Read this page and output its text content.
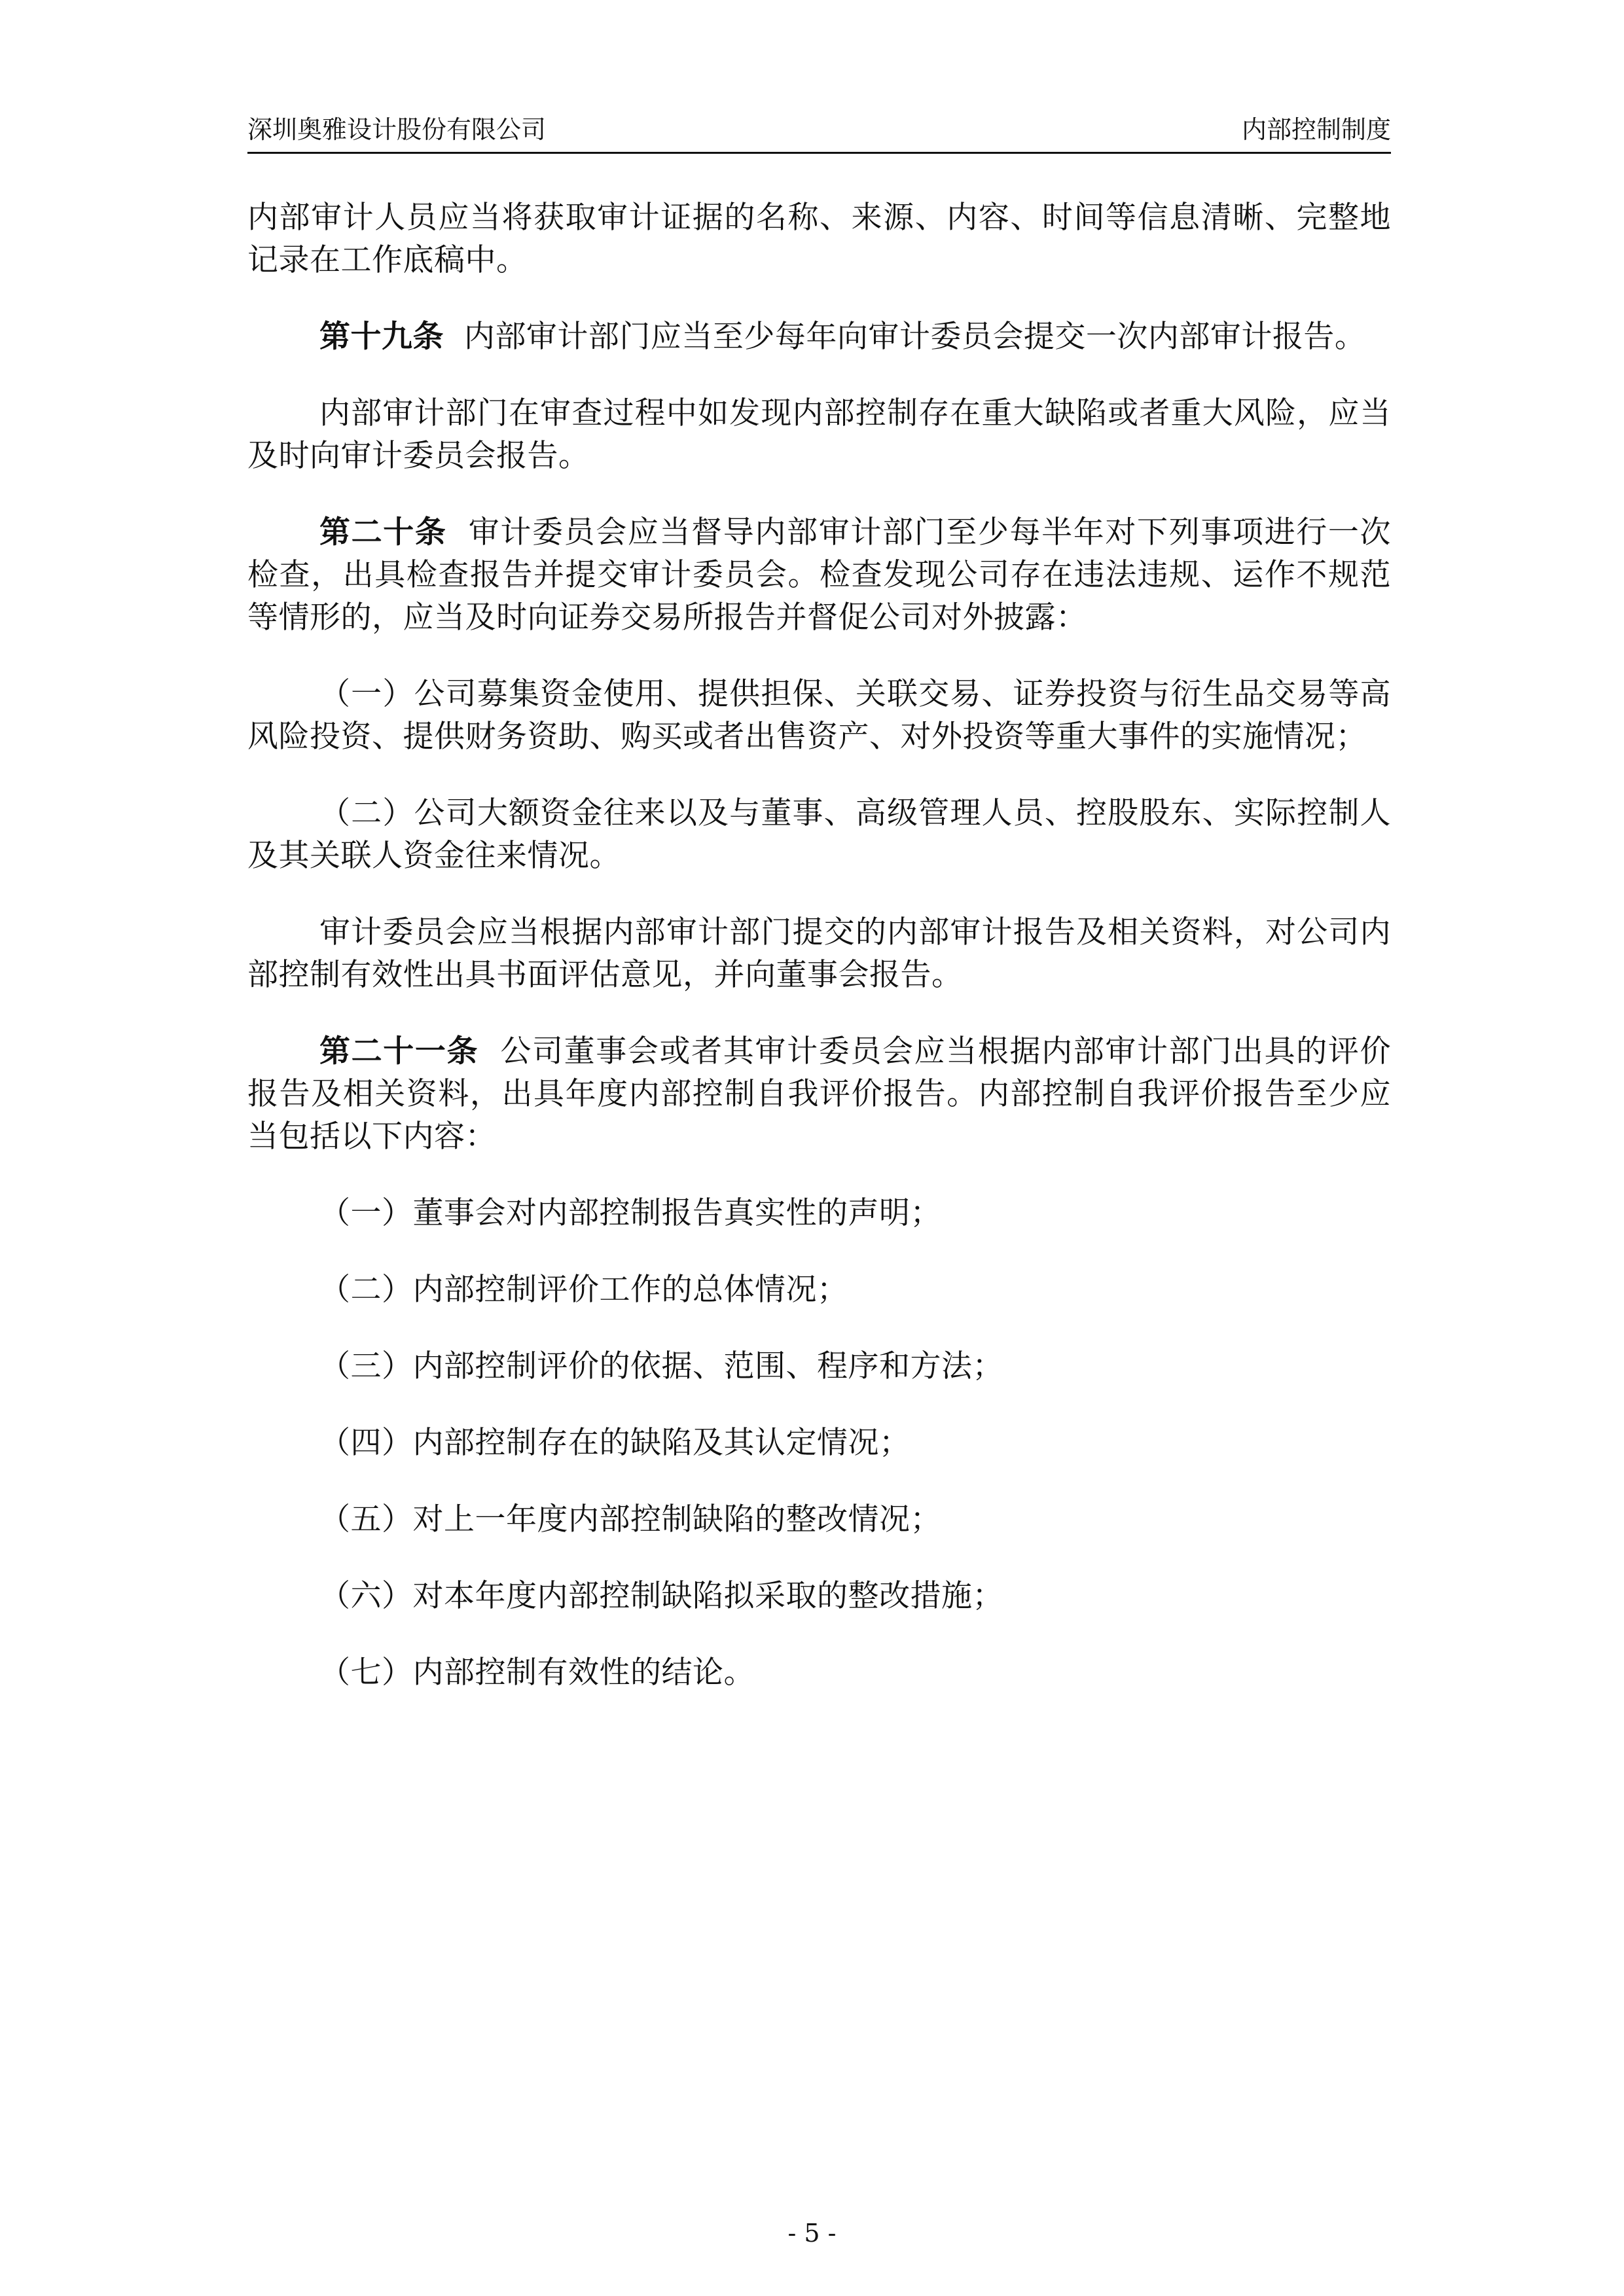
深圳奥雅设计股份有限公司	内部控制制度

内部审计人员应当将获取审计证据的名称、来源、内容、时间等信息清晰、完整地记录在工作底稿中。

第十九条 内部审计部门应当至少每年向审计委员会提交一次内部审计报告。

内部审计部门在审查过程中如发现内部控制存在重大缺陷或者重大风险，应当及时向审计委员会报告。

第二十条 审计委员会应当督导内部审计部门至少每半年对下列事项进行一次检查，出具检查报告并提交审计委员会。检查发现公司存在违法违规、运作不规范等情形的，应当及时向证券交易所报告并督促公司对外披露：

（一）公司募集资金使用、提供担保、关联交易、证券投资与衍生品交易等高风险投资、提供财务资助、购买或者出售资产、对外投资等重大事件的实施情况；

（二）公司大额资金往来以及与董事、高级管理人员、控股股东、实际控制人及其关联人资金往来情况。

审计委员会应当根据内部审计部门提交的内部审计报告及相关资料，对公司内部控制有效性出具书面评估意见，并向董事会报告。

第二十一条 公司董事会或者其审计委员会应当根据内部审计部门出具的评价报告及相关资料，出具年度内部控制自我评价报告。内部控制自我评价报告至少应当包括以下内容：

（一）董事会对内部控制报告真实性的声明；

（二）内部控制评价工作的总体情况；

（三）内部控制评价的依据、范围、程序和方法；

（四）内部控制存在的缺陷及其认定情况；

（五）对上一年度内部控制缺陷的整改情况；

（六）对本年度内部控制缺陷拟采取的整改措施；

（七）内部控制有效性的结论。

- 5 -
